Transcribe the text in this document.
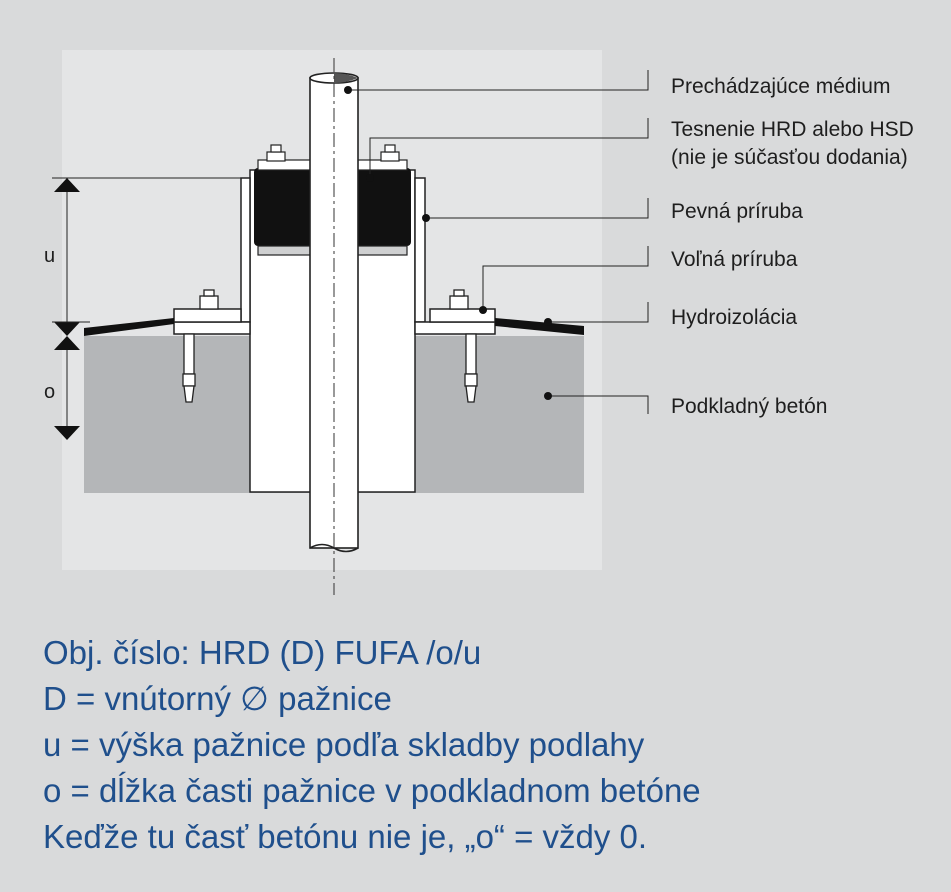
u
o
Prechádzajúce médium
Tesnenie HRD alebo HSD
(nie je súčasťou dodania)
Pevná príruba
Voľná príruba
Hydroizolácia
Podkladný betón
Obj. číslo: HRD (D) FUFA /o/u
D = vnútorný ∅ pažnice
u = výška pažnice podľa skladby podlahy
o = dĺžka časti pažnice v podkladnom betóne
Keďže tu časť betónu nie je, „o“ = vždy 0.
